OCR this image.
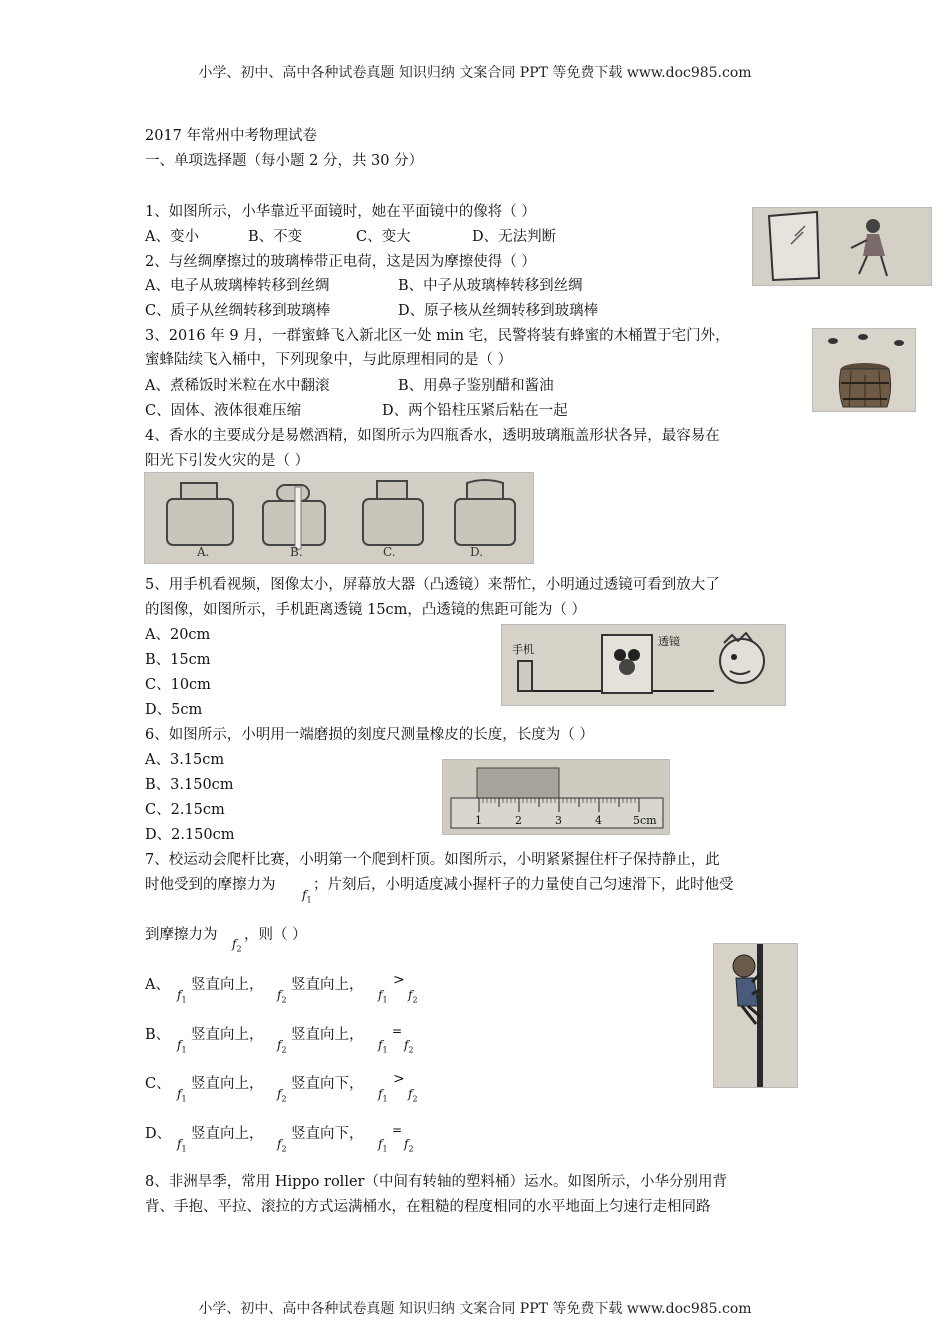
小学、初中、高中各种试卷真题 知识归纳 文案合同 PPT 等免费下载 www.doc985.com
小学、初中、高中各种试卷真题 知识归纳 文案合同 PPT 等免费下载 www.doc985.com
2017 年常州中考物理试卷
一、单项选择题（每小题 2 分，共 30 分）
1、如图所示，小华靠近平面镜时，她在平面镜中的像将（ ）
A、变小	B、不变	C、变大	D、无法判断
2、与丝绸摩擦过的玻璃棒带正电荷，这是因为摩擦使得（ ）
A、电子从玻璃棒转移到丝绸	B、中子从玻璃棒转移到丝绸
C、质子从丝绸转移到玻璃棒	D、原子核从丝绸转移到玻璃棒
3、2016 年 9 月，一群蜜蜂飞入新北区一处 min 宅，民警将装有蜂蜜的木桶置于宅门外，
蜜蜂陆续飞入桶中，下列现象中，与此原理相同的是（ ）
A、煮稀饭时米粒在水中翻滚	B、用鼻子鉴别醋和酱油
C、固体、液体很难压缩	D、两个铅柱压紧后粘在一起
4、香水的主要成分是易燃酒精，如图所示为四瓶香水，透明玻璃瓶盖形状各异，最容易在
阳光下引发火灾的是（ ）
A.	B.	C.	D.
5、用手机看视频，图像太小，屏幕放大器（凸透镜）来帮忙，小明通过透镜可看到放大了
的图像，如图所示，手机距离透镜 15cm，凸透镜的焦距可能为（ ）
A、20cm
B、15cm
C、10cm
D、5cm
手机
透镜
6、如图所示，小明用一端磨损的刻度尺测量橡皮的长度，长度为（ ）
A、3.15cm
B、3.150cm
C、2.15cm
D、2.150cm
1	2	3	4	5cm
7、校运动会爬杆比赛，小明第一个爬到杆顶。如图所示，小明紧紧握住杆子保持静止，此
时他受到的摩擦力为
$f_1$
；片刻后，小明适度减小握杆子的力量使自己匀速滑下，此时他受
到摩擦力为
$f_2$
，则（ ）
A、
$f_1$
竖直向上，
$f_2$
竖直向上，
$f_1$
>
$f_2$
B、
$f_1$
竖直向上，
$f_2$
竖直向上，
$f_1$
=
$f_2$
C、
$f_1$
竖直向上，
$f_2$
竖直向下，
$f_1$
>
$f_2$
D、
$f_1$
竖直向上，
$f_2$
竖直向下，
$f_1$
=
$f_2$
8、非洲旱季，常用 Hippo roller（中间有转轴的塑料桶）运水。如图所示，小华分别用背
背、手抱、平拉、滚拉的方式运满桶水，在粗糙的程度相同的水平地面上匀速行走相同路
